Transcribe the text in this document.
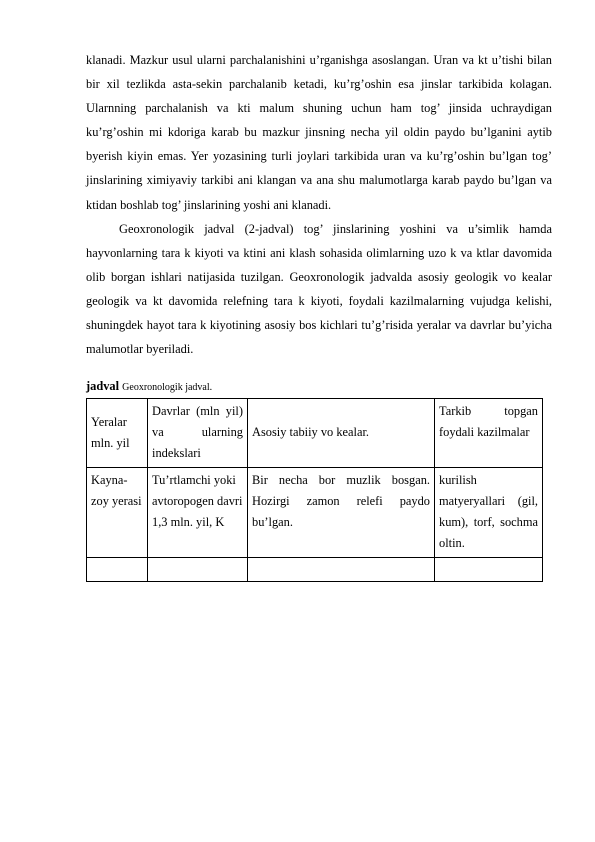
klanadi. Mazkur usul ularni parchalanishini u’rganishga asoslangan. Uran va kt u’tishi bilan bir xil tezlikda asta-sekin parchalanib ketadi, ku’rg’oshin esa jinslar tarkibida kolagan. Ularnning parchalanish va kti malum shuning uchun ham tog’ jinsida uchraydigan ku’rg’oshin mi kdoriga karab bu mazkur jinsning necha yil oldin paydo bu’lganini aytib byerish kiyin emas. Yer yozasining turli joylari tarkibida uran va ku’rg’oshin bu’lgan tog’ jinslarining ximiyaviy tarkibi ani klangan va ana shu malumotlarga karab paydo bu’lgan va ktidan boshlab tog’ jinslarining yoshi ani klanadi.

Geoxronologik jadval (2-jadval) tog’ jinslarining yoshini va u’simlik hamda hayvonlarning tara k kiyoti va ktini ani klash sohasida olimlarning uzo k va ktlar davomida olib borgan ishlari natijasida tuzilgan. Geoxronologik jadvalda asosiy geologik vo kealar geologik va kt davomida relefning tara k kiyoti, foydali kazilmalarning vujudga kelishi, shuningdek hayot tara k kiyotining asosiy bos kichlari tu’g’risida yeralar va davrlar bu’yicha malumotlar byeriladi.

jadval Geoxronologik jadval.

Yeralar mln. yil	Davrlar (mln yil) va ularning indekslari	Asosiy tabiiy vo kealar.	Tarkib topgan foydali kazilmalar
Kayna- zoy yerasi	Tu’rtlamchi yoki avtoropogen davri 1,3 mln. yil, K	Bir necha bor muzlik bosgan. Hozirgi zamon relefi paydo bu’lgan.	kurilish matyeryallari (gil, kum), torf, sochma oltin.
